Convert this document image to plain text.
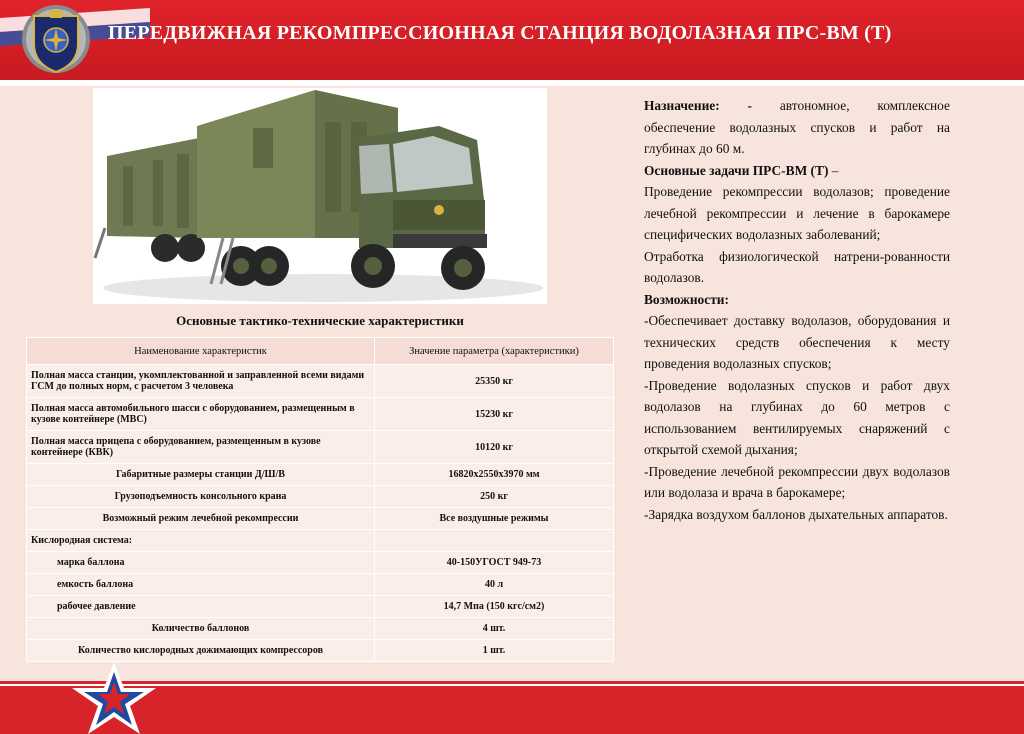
ПЕРЕДВИЖНАЯ РЕКОМПРЕССИОННАЯ СТАНЦИЯ ВОДОЛАЗНАЯ ПРС-ВМ (Т)
Основные тактико-технические характеристики
Наименование характеристик	Значение параметра (характеристики)
Полная масса станции, укомплектованной и заправленной всеми видами ГСМ до полных норм, с расчетом 3 человека	25350 кг
Полная масса автомобильного шасси с оборудованием, размещенным в кузове контейнере (МВС)	15230 кг
Полная масса прицепа с оборудованием, размещенным в кузове контейнере (КВК)	10120 кг
Габаритные размеры станции Д/Ш/В	16820х2550х3970 мм
Грузоподъемность консольного крана	250 кг
Возможный режим лечебной рекомпрессии	Все воздушные режимы
Кислородная система:	
марка баллона	40-150УГОСТ 949-73
емкость баллона	40 л
рабочее давление	14,7 Мпа (150 кгс/см2)
Количество баллонов	4 шт.
Количество кислородных дожимающих компрессоров	1 шт.

Назначение: - автономное, комплексное обеспечение водолазных спусков и работ на глубинах до 60 м.

Основные задачи ПРС-ВМ (Т) –

Проведение рекомпрессии водолазов; проведение лечебной рекомпрессии и лечение в барокамере специфических водолазных заболеваний;

Отработка физиологической натрени-рованности водолазов.

Возможности:

-Обеспечивает доставку водолазов, оборудования и технических средств обеспечения к месту проведения водолазных спусков;

-Проведение водолазных спусков и работ двух водолазов на глубинах до 60 метров с использованием вентилируемых снаряжений с открытой схемой дыхания;

-Проведение лечебной рекомпрессии двух водолазов или водолаза и врача в барокамере;

-Зарядка воздухом баллонов дыхательных аппаратов.
